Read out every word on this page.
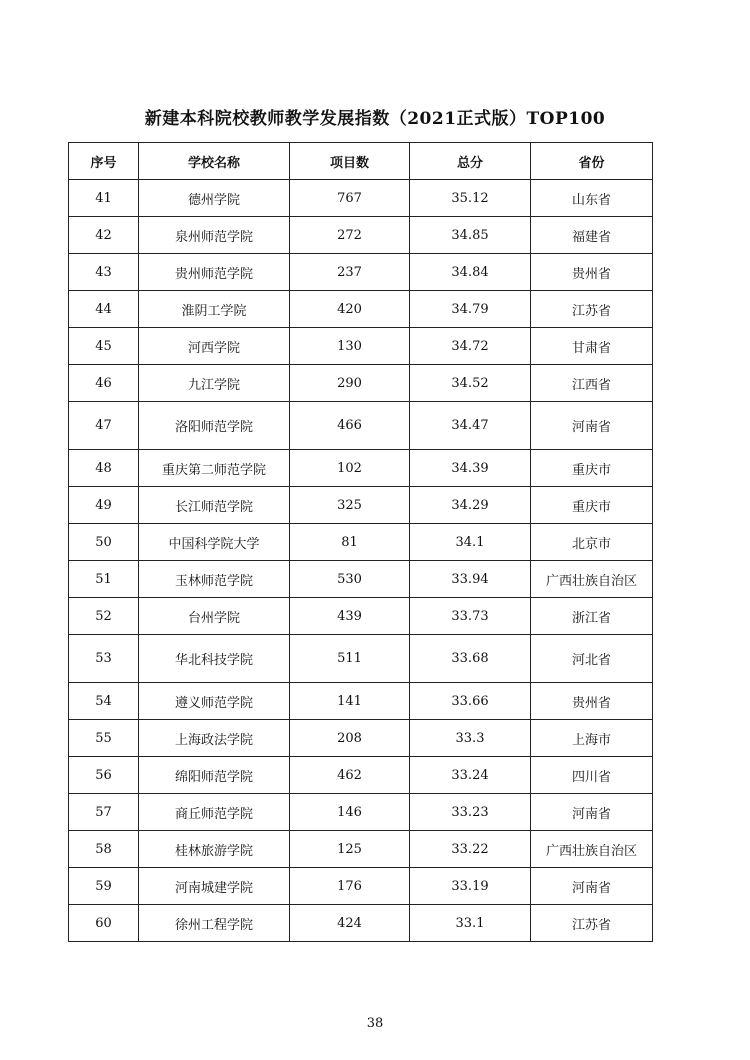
新建本科院校教师教学发展指数（2021正式版）TOP100
序号	学校名称	项目数	总分	省份
41	德州学院	767	35.12	山东省
42	泉州师范学院	272	34.85	福建省
43	贵州师范学院	237	34.84	贵州省
44	淮阴工学院	420	34.79	江苏省
45	河西学院	130	34.72	甘肃省
46	九江学院	290	34.52	江西省
47	洛阳师范学院	466	34.47	河南省
48	重庆第二师范学院	102	34.39	重庆市
49	长江师范学院	325	34.29	重庆市
50	中国科学院大学	81	34.1	北京市
51	玉林师范学院	530	33.94	广西壮族自治区
52	台州学院	439	33.73	浙江省
53	华北科技学院	511	33.68	河北省
54	遵义师范学院	141	33.66	贵州省
55	上海政法学院	208	33.3	上海市
56	绵阳师范学院	462	33.24	四川省
57	商丘师范学院	146	33.23	河南省
58	桂林旅游学院	125	33.22	广西壮族自治区
59	河南城建学院	176	33.19	河南省
60	徐州工程学院	424	33.1	江苏省
38
